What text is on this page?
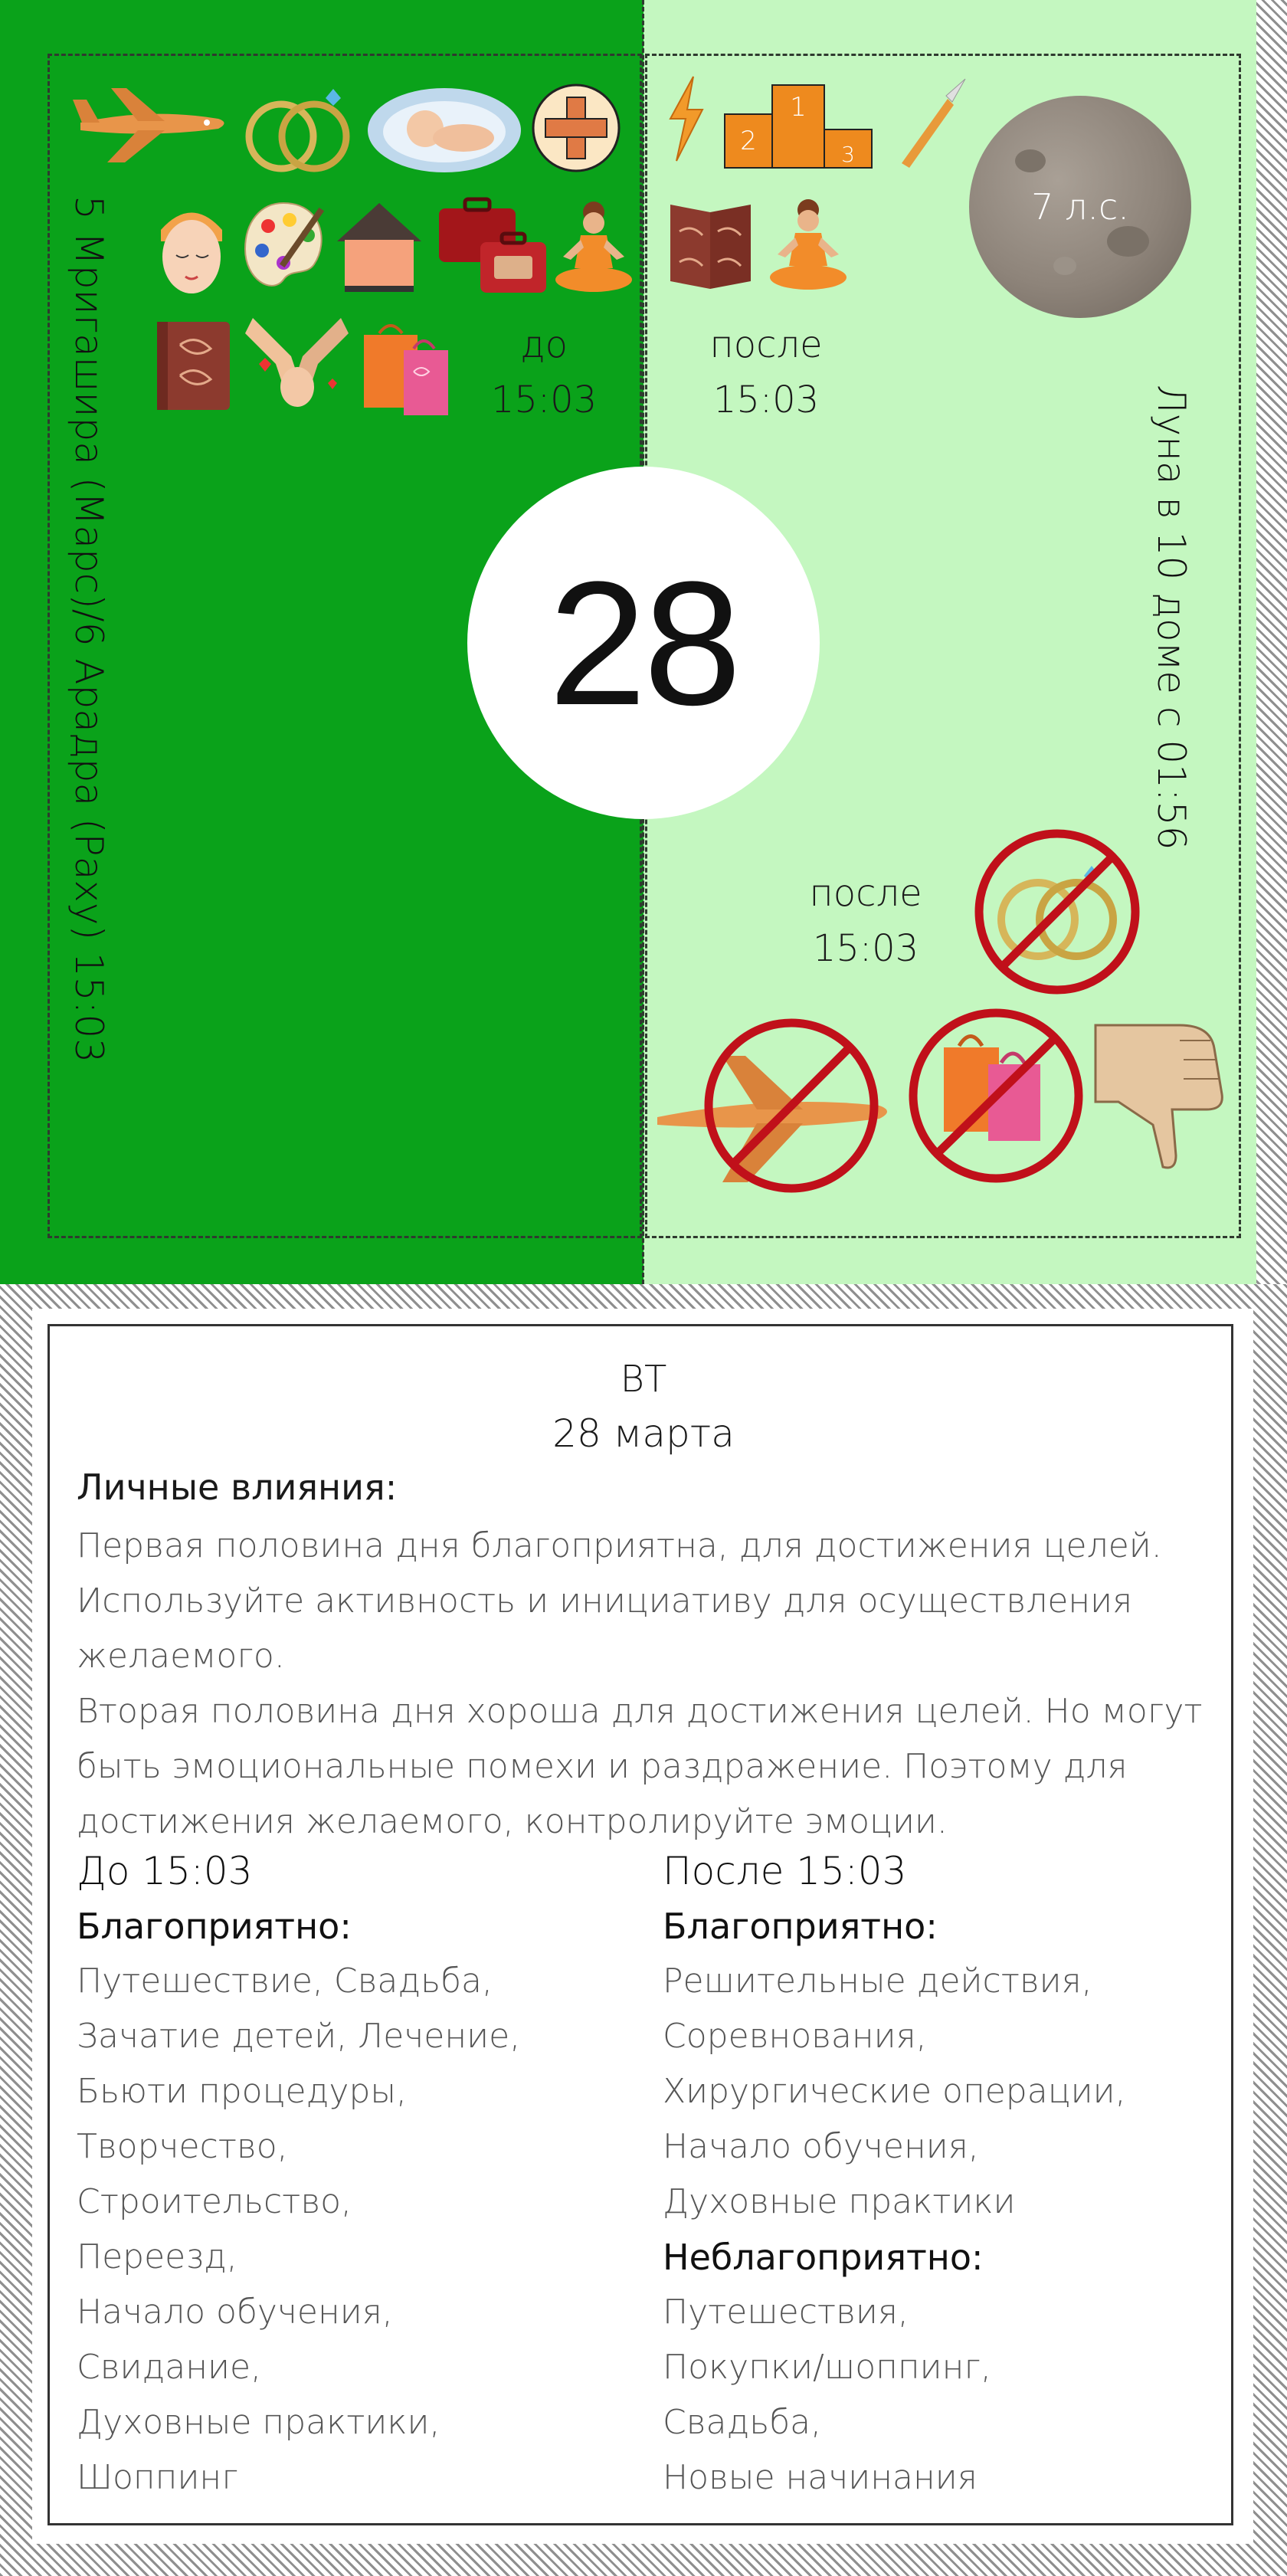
5 Мригашира (Марс)/6 Арадра (Раху) 15:03	Луна в 10 доме с 01:56
28
до
15:03
после
15:03
после
15:03
7 л.с.
2
1
3
ВТ
28 марта
Личные влияния:
Первая половина дня благоприятна, для достижения целей.
Используйте активность и инициативу для осуществления
желаемого.
Вторая половина дня хороша для достижения целей. Но могут
быть эмоциональные помехи и раздражение. Поэтому для
достижения желаемого, контролируйте эмоции.
До 15:03
Благоприятно:
Путешествие, Свадьба,
Зачатие детей, Лечение,
Бьюти процедуры,
Творчество,
Строительство,
Переезд,
Начало обучения,
Свидание,
Духовные практики,
Шоппинг
После 15:03
Благоприятно:
Решительные действия,
Соревнования,
Хирургические операции,
Начало обучения,
Духовные практики
Неблагоприятно:
Путешествия,
Покупки/шоппинг,
Свадьба,
Новые начинания
